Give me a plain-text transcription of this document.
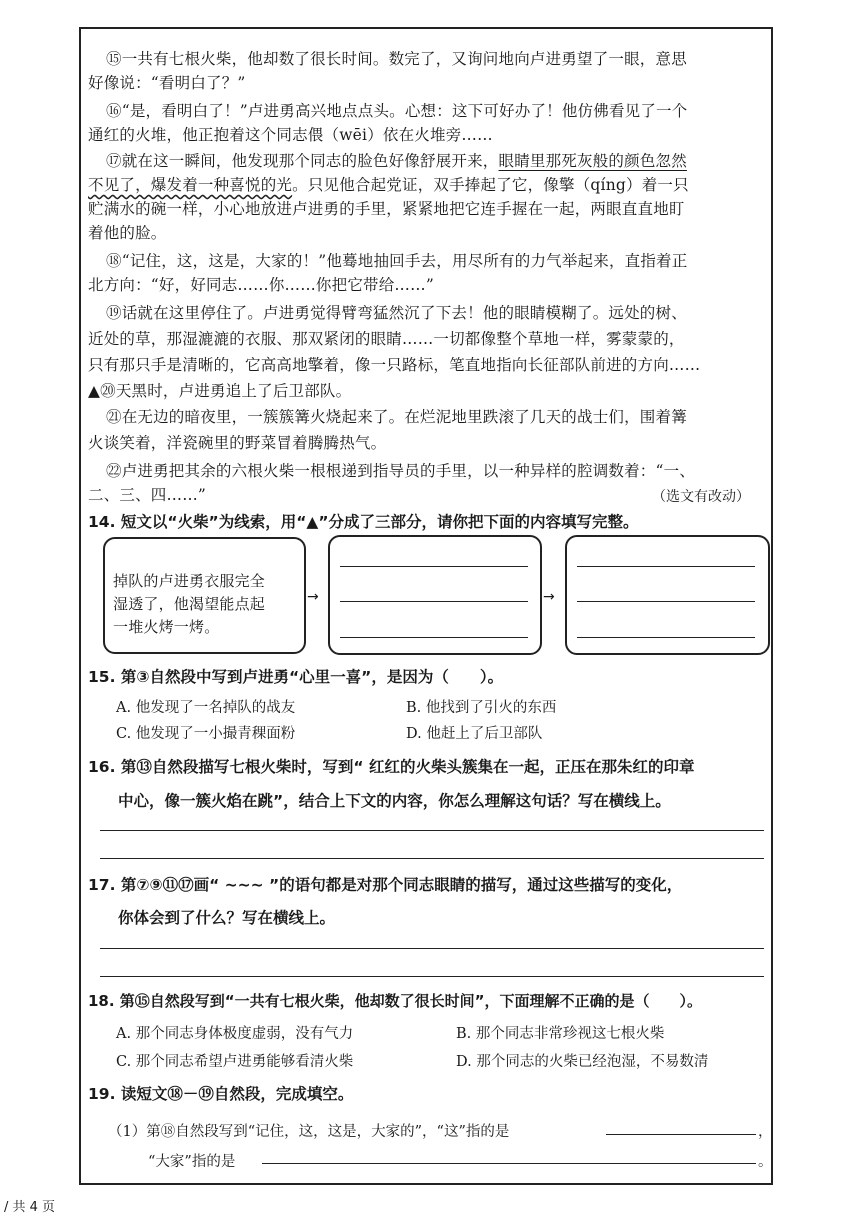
⑮一共有七根火柴，他却数了很长时间。数完了，又询问地向卢进勇望了一眼，意思
好像说：“看明白了？”
⑯“是，看明白了！”卢进勇高兴地点点头。心想：这下可好办了！他仿佛看见了一个
通红的火堆，他正抱着这个同志偎（wēi）依在火堆旁……
⑰就在这一瞬间，他发现那个同志的脸色好像舒展开来，眼睛里那死灰般的颜色忽然
不见了，爆发着一种喜悦的光。只见他合起党证，双手捧起了它，像擎（qíng）着一只
贮满水的碗一样，小心地放进卢进勇的手里，紧紧地把它连手握在一起，两眼直直地盯
着他的脸。
⑱“记住，这，这是，大家的！”他蓦地抽回手去，用尽所有的力气举起来，直指着正
北方向：“好，好同志……你……你把它带给……”
⑲话就在这里停住了。卢进勇觉得臂弯猛然沉了下去！他的眼睛模糊了。远处的树、
近处的草，那湿漉漉的衣服、那双紧闭的眼睛……一切都像整个草地一样，雾蒙蒙的，
只有那只手是清晰的，它高高地擎着，像一只路标，笔直地指向长征部队前进的方向……
▲⑳天黑时，卢进勇追上了后卫部队。
㉑在无边的暗夜里，一簇簇篝火烧起来了。在烂泥地里跌滚了几天的战士们，围着篝
火谈笑着，洋瓷碗里的野菜冒着腾腾热气。
㉒卢进勇把其余的六根火柴一根根递到指导员的手里，以一种异样的腔调数着：“一、
二、三、四……”	（选文有改动）
14. 短文以“火柴”为线索，用“▲”分成了三部分，请你把下面的内容填写完整。
掉队的卢进勇衣服完全
湿透了，他渴望能点起
一堆火烤一烤。
→	→
15. 第③自然段中写到卢进勇“心里一喜”，是因为（　　）。
A. 他发现了一名掉队的战友	B. 他找到了引火的东西
C. 他发现了一小撮青稞面粉	D. 他赶上了后卫部队
16. 第⑬自然段描写七根火柴时，写到“ 红红的火柴头簇集在一起，正压在那朱红的印章
中心，像一簇火焰在跳”，结合上下文的内容，你怎么理解这句话？写在横线上。
17. 第⑦⑨⑪⑰画“ ~~~ ”的语句都是对那个同志眼睛的描写，通过这些描写的变化，
你体会到了什么？写在横线上。
18. 第⑮自然段写到“一共有七根火柴，他却数了很长时间”，下面理解不正确的是（　　）。
A. 那个同志身体极度虚弱，没有气力	B. 那个同志非常珍视这七根火柴
C. 那个同志希望卢进勇能够看清火柴	D. 那个同志的火柴已经泡湿，不易数清
19. 读短文⑱－⑲自然段，完成填空。
（1）第⑱自然段写到“记住，这，这是，大家的”，“这”指的是	，
“大家”指的是	。
/ 共 4 页
